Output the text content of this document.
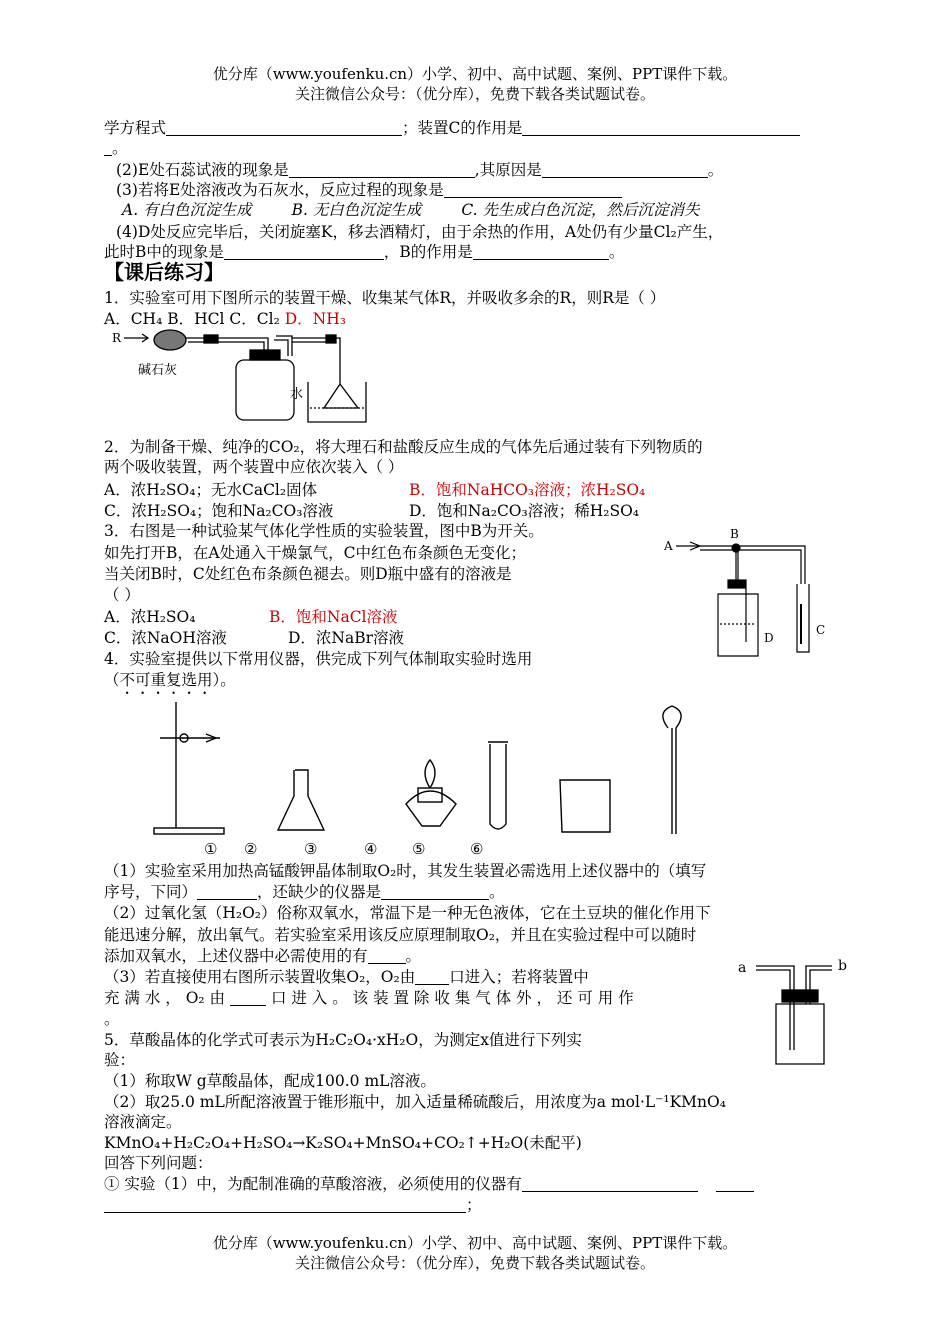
优分库（www.youfenku.cn）小学、初中、高中试题、案例、PPT课件下载。
关注微信公众号：（优分库），免费下载各类试题试卷。
学方程式	；装置C的作用是
。
(2)E处石蕊试液的现象是	,其原因是	。
(3)若将E处溶液改为石灰水，反应过程的现象是
A. 有白色沉淀生成	B. 无白色沉淀生成	C. 先生成白色沉淀，然后沉淀消失
(4)D处反应完毕后，关闭旋塞K，移去酒精灯，由于余热的作用，A处仍有少量Cl₂产生，
此时B中的现象是	，B的作用是	。
【课后练习】
1．实验室可用下图所示的装置干燥、收集某气体R，并吸收多余的R，则R是（ ）
A．CH₄ B．HCl C．Cl₂ D．NH₃
R
碱石灰
水
2．为制备干燥、纯净的CO₂，将大理石和盐酸反应生成的气体先后通过装有下列物质的
两个吸收装置，两个装置中应依次装入（ ）
A．浓H₂SO₄；无水CaCl₂固体	B．饱和NaHCO₃溶液；浓H₂SO₄
C．浓H₂SO₄；饱和Na₂CO₃溶液	D．饱和Na₂CO₃溶液；稀H₂SO₄
3．右图是一种试验某气体化学性质的实验装置，图中B为开关。
如先打开B，在A处通入干燥氯气，C中红色布条颜色无变化；
当关闭B时，C处红色布条颜色褪去。则D瓶中盛有的溶液是
（ ）
A．浓H₂SO₄	B．饱和NaCl溶液
C．浓NaOH溶液	D．浓NaBr溶液
A
B
D
C
4．实验室提供以下常用仪器，供完成下列气体制取实验时选用
（不可重复选用）。
① ②	③	④ ⑤	⑥
（1）实验室采用加热高锰酸钾晶体制取O₂时，其发生装置必需选用上述仪器中的（填写
序号，下同）	，还缺少的仪器是	。
（2）过氧化氢（H₂O₂）俗称双氧水，常温下是一种无色液体，它在土豆块的催化作用下
能迅速分解，放出氧气。若实验室采用该反应原理制取O₂，并且在实验过程中可以随时
添加双氧水，上述仪器中必需使用的有 。
（3）若直接使用右图所示装置收集O₂，O₂由 口进入；若将装置中
充 满 水 ， O₂ 由	口 进 入 。 该 装 置 除 收 集 气 体 外 ， 还 可 用 作
。
a	b
5．草酸晶体的化学式可表示为H₂C₂O₄·xH₂O，为测定x值进行下列实
验：
（1）称取W g草酸晶体，配成100.0 mL溶液。
（2）取25.0 mL所配溶液置于锥形瓶中，加入适量稀硫酸后，用浓度为a mol·L⁻¹KMnO₄
溶液滴定。
KMnO₄+H₂C₂O₄+H₂SO₄→K₂SO₄+MnSO₄+CO₂↑+H₂O(未配平)
回答下列问题：
① 实验（1）中，为配制准确的草酸溶液，必须使用的仪器有
；
优分库（www.youfenku.cn）小学、初中、高中试题、案例、PPT课件下载。
关注微信公众号：（优分库），免费下载各类试题试卷。
